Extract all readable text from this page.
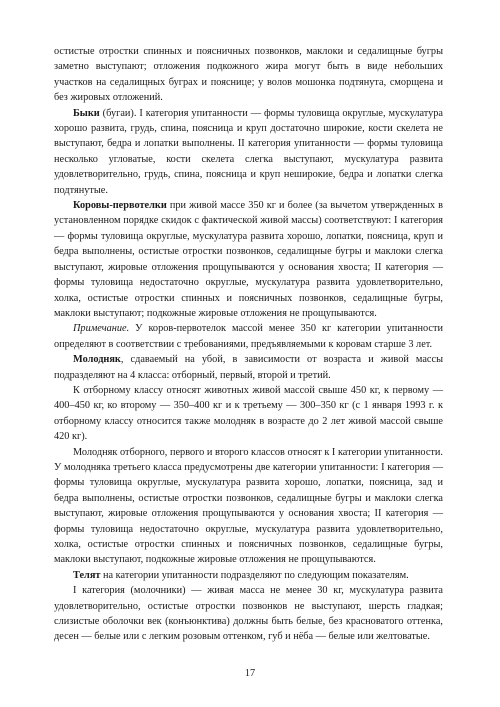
остистые отростки спинных и поясничных позвонков, маклоки и седалищные бугры заметно выступают; отложения подкожного жира могут быть в виде небольших участков на седалищных буграх и пояснице; у волов мошонка подтянута, сморщена и без жировых отложений.

Быки (бугаи). I категория упитанности — формы туловища округлые, мускулатура хорошо развита, грудь, спина, поясница и круп достаточно широкие, кости скелета не выступают, бедра и лопатки выполнены. II категория упитанности — формы туловища несколько угловатые, кости скелета слегка выступают, мускулатура развита удовлетворительно, грудь, спина, поясница и круп неширокие, бедра и лопатки слегка подтянутые.

Коровы-первотелки при живой массе 350 кг и более (за вычетом утвержденных в установленном порядке скидок с фактической живой массы) соответствуют: I категория — формы туловища округлые, мускулатура развита хорошо, лопатки, поясница, круп и бедра выполнены, остистые отростки позвонков, седалищные бугры и маклоки слегка выступают, жировые отложения прощупываются у основания хвоста; II категория — формы туловища недостаточно округлые, мускулатура развита удовлетворительно, холка, остистые отростки спинных и поясничных позвонков, седалищные бугры, маклоки выступают; подкожные жировые отложения не прощупываются.

Примечание. У коров-первотелок массой менее 350 кг категории упитанности определяют в соответствии с требованиями, предъявляемыми к коровам старше 3 лет.

Молодняк, сдаваемый на убой, в зависимости от возраста и живой массы подразделяют на 4 класса: отборный, первый, второй и третий.

К отборному классу относят животных живой массой свыше 450 кг, к первому — 400–450 кг, ко второму — 350–400 кг и к третьему — 300–350 кг (с 1 января 1993 г. к отборному классу относится также молодняк в возрасте до 2 лет живой массой свыше 420 кг).

Молодняк отборного, первого и второго классов относят к I категории упитанности. У молодняка третьего класса предусмотрены две категории упитанности: I категория — формы туловища округлые, мускулатура развита хорошо, лопатки, поясница, зад и бедра выполнены, остистые отростки позвонков, седалищные бугры и маклоки слегка выступают, жировые отложения прощупываются у основания хвоста; II категория — формы туловища недостаточно округлые, мускулатура развита удовлетворительно, холка, остистые отростки спинных и поясничных позвонков, седалищные бугры, маклоки выступают, подкожные жировые отложения не прощупываются.

Телят на категории упитанности подразделяют по следующим показателям.

I категория (молочники) — живая масса не менее 30 кг, мускулатура развита удовлетворительно, остистые отростки позвонков не выступают, шерсть гладкая; слизистые оболочки век (конъюнктива) должны быть белые, без красноватого оттенка, десен — белые или с легким розовым оттенком, губ и нёба — белые или желтоватые.

17
